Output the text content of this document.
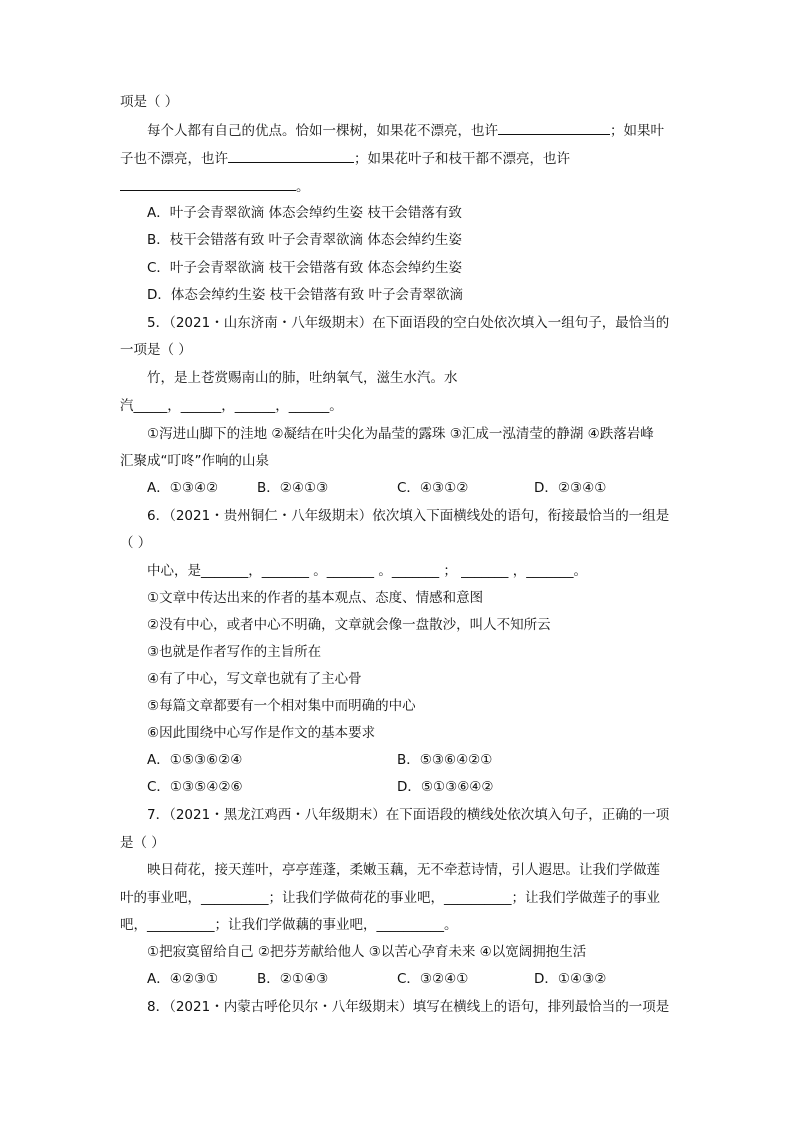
项是（ ）
每个人都有自己的优点。恰如一棵树，如果花不漂亮，也许	；如果叶
子也不漂亮，也许	；如果花叶子和枝干都不漂亮，也许
。
A．叶子会青翠欲滴 体态会绰约生姿 枝干会错落有致
B．枝干会错落有致 叶子会青翠欲滴 体态会绰约生姿
C．叶子会青翠欲滴 枝干会错落有致 体态会绰约生姿
D．体态会绰约生姿 枝干会错落有致 叶子会青翠欲滴
5．（2021・山东济南・八年级期末）在下面语段的空白处依次填入一组句子，最恰当的
一项是（ ）
竹，是上苍赏赐南山的肺，吐纳氧气，滋生水汽。水
汽_____，______，______，______。
①泻进山脚下的洼地 ②凝结在叶尖化为晶莹的露珠 ③汇成一泓清莹的静湖 ④跌落岩峰
汇聚成“叮咚”作响的山泉
A．①③④②	B．②④①③	C．④③①②	D．②③④①
6．（2021・贵州铜仁・八年级期末）依次填入下面横线处的语句，衔接最恰当的一组是
（ ）
中心，是_______，_______ 。_______ 。_______ ； _______ ，_______。
①文章中传达出来的作者的基本观点、态度、情感和意图
②没有中心，或者中心不明确，文章就会像一盘散沙，叫人不知所云
③也就是作者写作的主旨所在
④有了中心，写文章也就有了主心骨
⑤每篇文章都要有一个相对集中而明确的中心
⑥因此围绕中心写作是作文的基本要求
A．①⑤③⑥②④	B．⑤③⑥④②①
C．①③⑤④②⑥	D．⑤①③⑥④②
7．（2021・黑龙江鸡西・八年级期末）在下面语段的横线处依次填入句子，正确的一项
是（ ）
映日荷花，接天莲叶，亭亭莲蓬，柔嫩玉藕，无不牵惹诗情，引人遐思。让我们学做莲
叶的事业吧，__________；让我们学做荷花的事业吧，__________；让我们学做莲子的事业
吧，__________；让我们学做藕的事业吧，__________。
①把寂寞留给自己 ②把芬芳献给他人 ③以苦心孕育未来 ④以宽阔拥抱生活
A．④②③①	B．②①④③	C．③②④①	D．①④③②
8．（2021・内蒙古呼伦贝尔・八年级期末）填写在横线上的语句，排列最恰当的一项是
